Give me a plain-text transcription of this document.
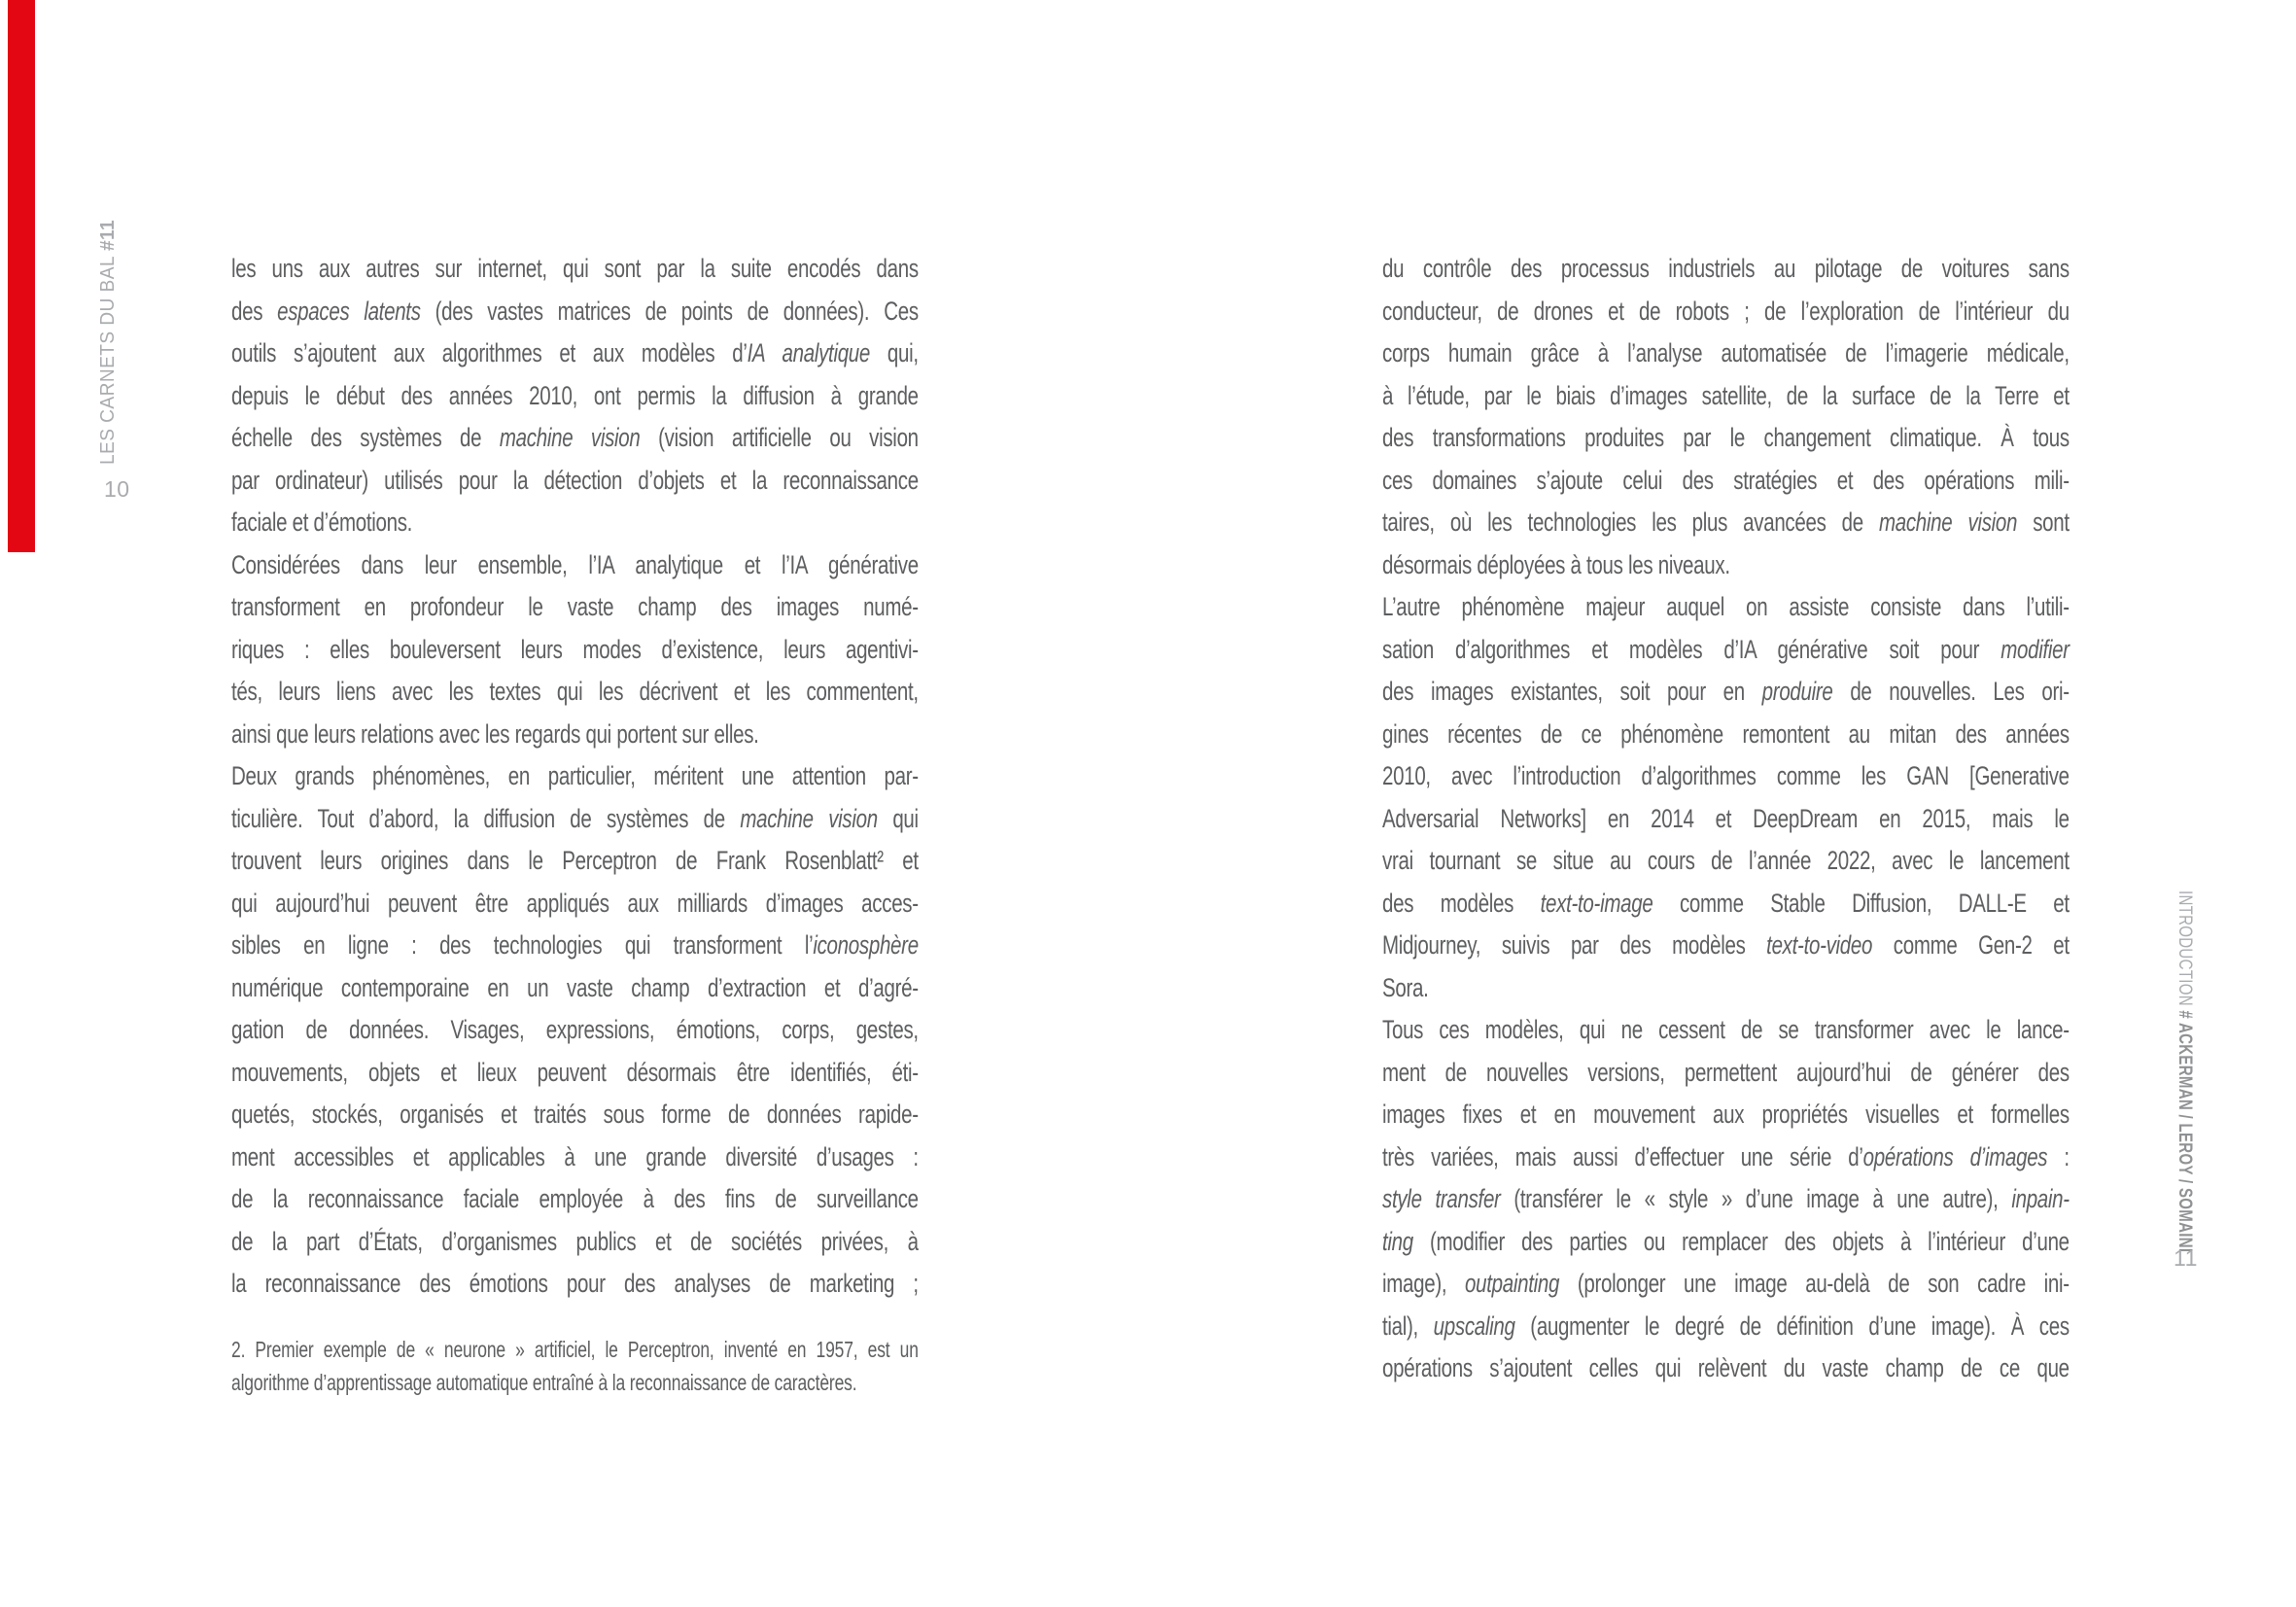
LES CARNETS DU BAL #11
10
les uns aux autres sur internet, qui sont par la suite encodés dans
des espaces latents (des vastes matrices de points de données). Ces
outils s’ajoutent aux algorithmes et aux modèles d’IA analytique qui,
depuis le début des années 2010, ont permis la diffusion à grande
échelle des systèmes de machine vision (vision artificielle ou vision
par ordinateur) utilisés pour la détection d’objets et la reconnaissance
faciale et d’émotions.
Considérées dans leur ensemble, l’IA analytique et l’IA générative
transforment en profondeur le vaste champ des images numé-
riques : elles bouleversent leurs modes d’existence, leurs agentivi-
tés, leurs liens avec les textes qui les décrivent et les commentent,
ainsi que leurs relations avec les regards qui portent sur elles.
Deux grands phénomènes, en particulier, méritent une attention par-
ticulière. Tout d’abord, la diffusion de systèmes de machine vision qui
trouvent leurs origines dans le Perceptron de Frank Rosenblatt² et
qui aujourd’hui peuvent être appliqués aux milliards d’images acces-
sibles en ligne : des technologies qui transforment l’iconosphère
numérique contemporaine en un vaste champ d’extraction et d’agré-
gation de données. Visages, expressions, émotions, corps, gestes,
mouvements, objets et lieux peuvent désormais être identifiés, éti-
quetés, stockés, organisés et traités sous forme de données rapide-
ment accessibles et applicables à une grande diversité d’usages :
de la reconnaissance faciale employée à des fins de surveillance
de la part d’États, d’organismes publics et de sociétés privées, à
la reconnaissance des émotions pour des analyses de marketing ;
2. Premier exemple de « neurone » artificiel, le Perceptron, inventé en 1957, est un
algorithme d’apprentissage automatique entraîné à la reconnaissance de caractères.
du contrôle des processus industriels au pilotage de voitures sans
conducteur, de drones et de robots ; de l’exploration de l’intérieur du
corps humain grâce à l’analyse automatisée de l’imagerie médicale,
à l’étude, par le biais d’images satellite, de la surface de la Terre et
des transformations produites par le changement climatique. À tous
ces domaines s’ajoute celui des stratégies et des opérations mili-
taires, où les technologies les plus avancées de machine vision sont
désormais déployées à tous les niveaux.
L’autre phénomène majeur auquel on assiste consiste dans l’utili-
sation d’algorithmes et modèles d’IA générative soit pour modifier
des images existantes, soit pour en produire de nouvelles. Les ori-
gines récentes de ce phénomène remontent au mitan des années
2010, avec l’introduction d’algorithmes comme les GAN [Generative
Adversarial Networks] en 2014 et DeepDream en 2015, mais le
vrai tournant se situe au cours de l’année 2022, avec le lancement
des modèles text-to-image comme Stable Diffusion, DALL-E et
Midjourney, suivis par des modèles text-to-video comme Gen-2 et
Sora.
Tous ces modèles, qui ne cessent de se transformer avec le lance-
ment de nouvelles versions, permettent aujourd’hui de générer des
images fixes et en mouvement aux propriétés visuelles et formelles
très variées, mais aussi d’effectuer une série d’opérations d’images :
style transfer (transférer le « style » d’une image à une autre), inpain-
ting (modifier des parties ou remplacer des objets à l’intérieur d’une
image), outpainting (prolonger une image au-delà de son cadre ini-
tial), upscaling (augmenter le degré de définition d’une image). À ces
opérations s’ajoutent celles qui relèvent du vaste champ de ce que
INTRODUCTION # ACKERMAN / LEROY / SOMAINI
11
